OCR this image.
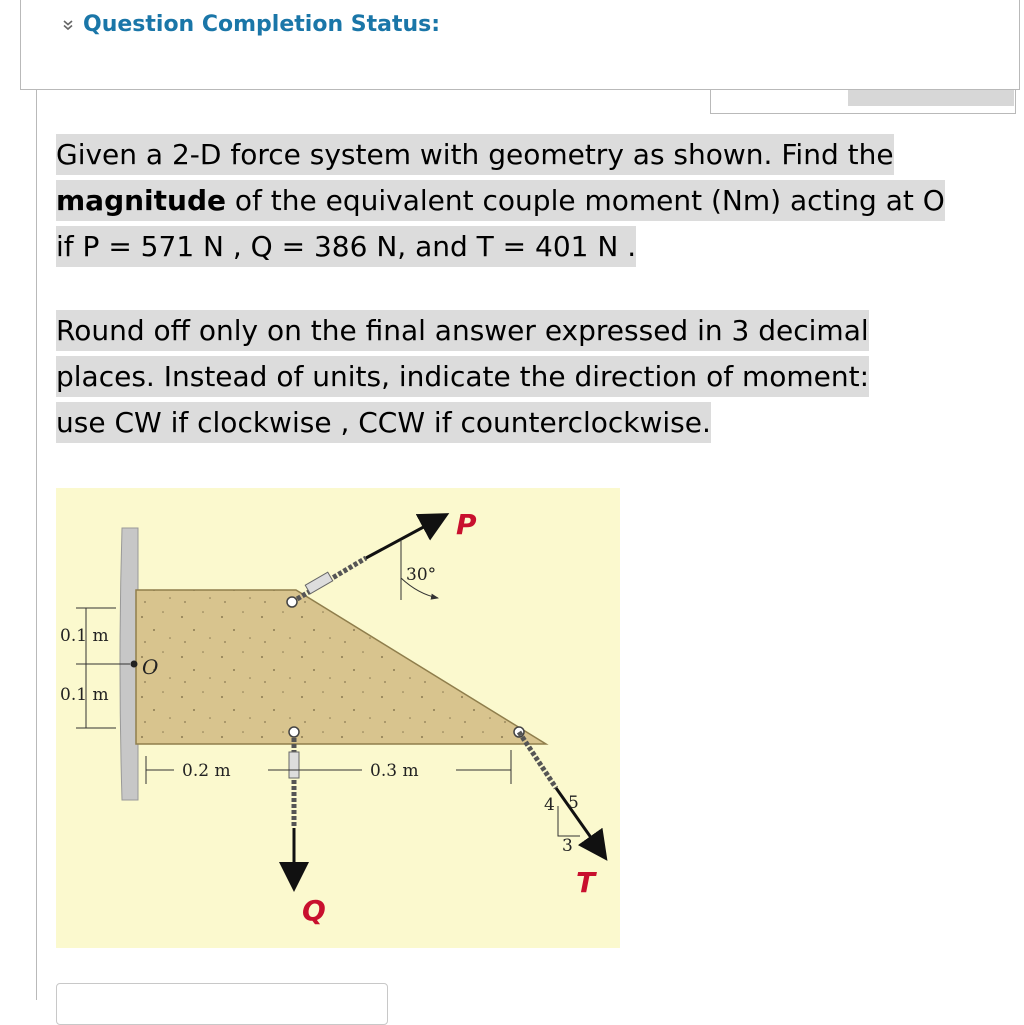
Question Completion Status:
Given a 2-D force system with geometry as shown. Find the
magnitude of the equivalent couple moment (Nm) acting at O
if P = 571 N , Q = 386 N, and T = 401 N .
Round off only on the final answer expressed in 3 decimal
places. Instead of units, indicate the direction of moment:
use CW if clockwise , CCW if counterclockwise.
P
30°
O
0.1 m
0.1 m
Q
0.2 m	0.3 m
4 5
3
T
